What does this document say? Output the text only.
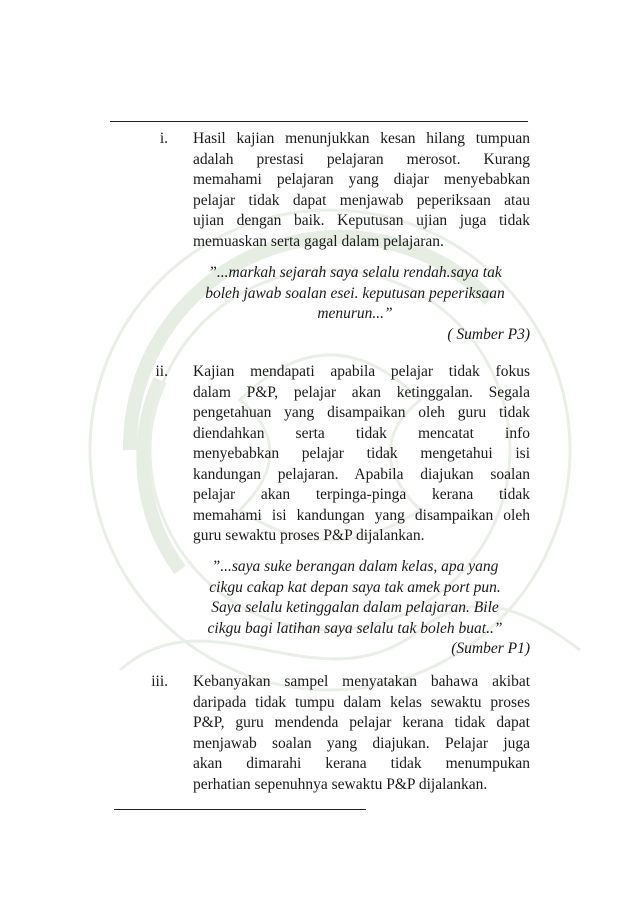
i. Hasil kajian menunjukkan kesan hilang tumpuan
adalah prestasi pelajaran merosot. Kurang
memahami pelajaran yang diajar menyebabkan
pelajar tidak dapat menjawab peperiksaan atau
ujian dengan baik. Keputusan ujian juga tidak
memuaskan serta gagal dalam pelajaran.
”...markah sejarah saya selalu rendah.saya tak
boleh jawab soalan esei. keputusan peperiksaan
menurun...”
( Sumber P3)
ii. Kajian mendapati apabila pelajar tidak fokus
dalam P&P, pelajar akan ketinggalan. Segala
pengetahuan yang disampaikan oleh guru tidak
diendahkan serta tidak mencatat info
menyebabkan pelajar tidak mengetahui isi
kandungan pelajaran. Apabila diajukan soalan
pelajar akan terpinga-pinga kerana tidak
memahami isi kandungan yang disampaikan oleh
guru sewaktu proses P&P dijalankan.
”...saya suke berangan dalam kelas, apa yang
cikgu cakap kat depan saya tak amek port pun.
Saya selalu ketinggalan dalam pelajaran. Bile
cikgu bagi latihan saya selalu tak boleh buat..”
(Sumber P1)
iii. Kebanyakan sampel menyatakan bahawa akibat
daripada tidak tumpu dalam kelas sewaktu proses
P&P, guru mendenda pelajar kerana tidak dapat
menjawab soalan yang diajukan. Pelajar juga
akan dimarahi kerana tidak menumpukan
perhatian sepenuhnya sewaktu P&P dijalankan.
